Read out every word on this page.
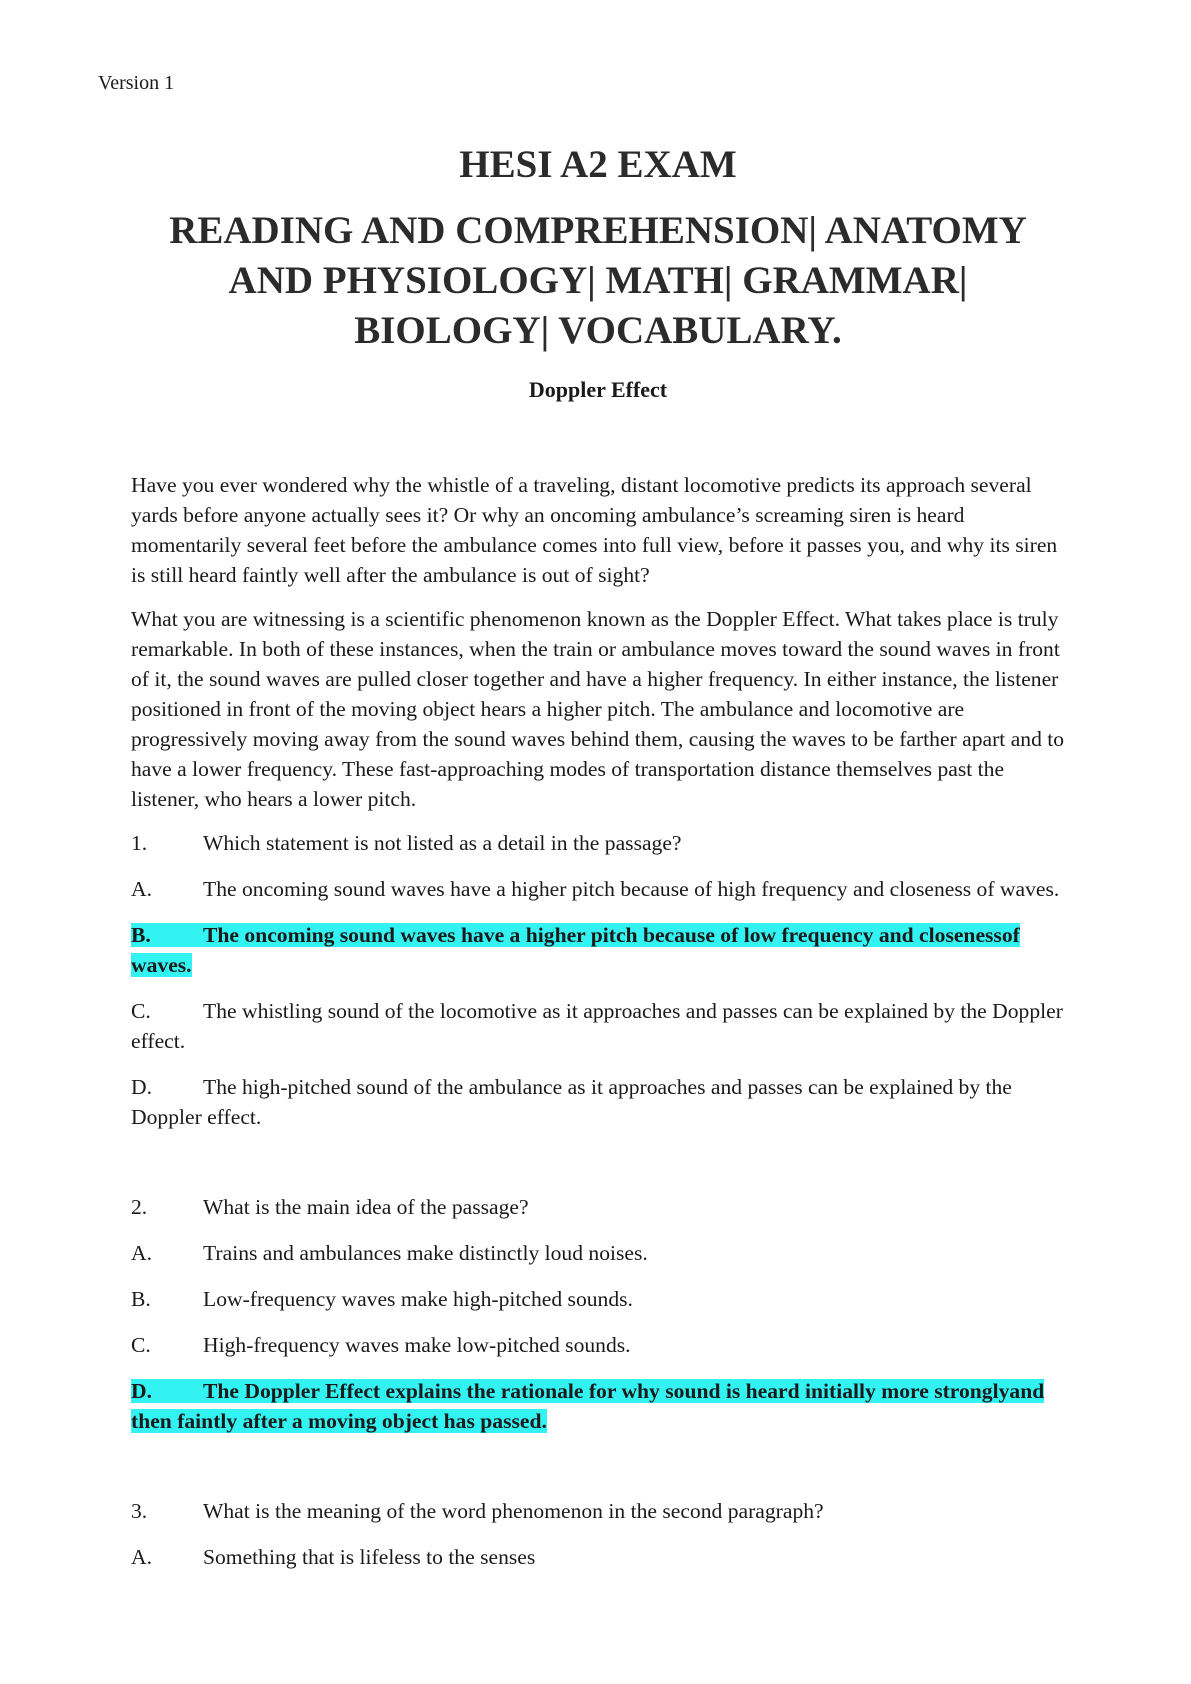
Version 1
HESI A2 EXAM
READING AND COMPREHENSION| ANATOMY
AND PHYSIOLOGY| MATH| GRAMMAR|
BIOLOGY| VOCABULARY.
Doppler Effect

Have you ever wondered why the whistle of a traveling, distant locomotive predicts its approach several yards before anyone actually sees it? Or why an oncoming ambulance’s screaming siren is heard momentarily several feet before the ambulance comes into full view, before it passes you, and why its siren is still heard faintly well after the ambulance is out of sight?

What you are witnessing is a scientific phenomenon known as the Doppler Effect. What takes place is truly remarkable. In both of these instances, when the train or ambulance moves toward the sound waves in front of it, the sound waves are pulled closer together and have a higher frequency. In either instance, the listener positioned in front of the moving object hears a higher pitch. The ambulance and locomotive are progressively moving away from the sound waves behind them, causing the waves to be farther apart and to have a lower frequency. These fast-approaching modes of transportation distance themselves past the listener, who hears a lower pitch.

1.	Which statement is not listed as a detail in the passage?
A. The oncoming sound waves have a higher pitch because of high frequency and closeness of waves.
B. The oncoming sound waves have a higher pitch because of low frequency and closenessof waves.
C. The whistling sound of the locomotive as it approaches and passes can be explained by the Doppler effect.
D. The high-pitched sound of the ambulance as it approaches and passes can be explained by the Doppler effect.
2.	What is the main idea of the passage?
A. Trains and ambulances make distinctly loud noises.
B. Low-frequency waves make high-pitched sounds.
C. High-frequency waves make low-pitched sounds.
D. The Doppler Effect explains the rationale for why sound is heard initially more stronglyand then faintly after a moving object has passed.
3.	What is the meaning of the word phenomenon in the second paragraph?
A. Something that is lifeless to the senses
